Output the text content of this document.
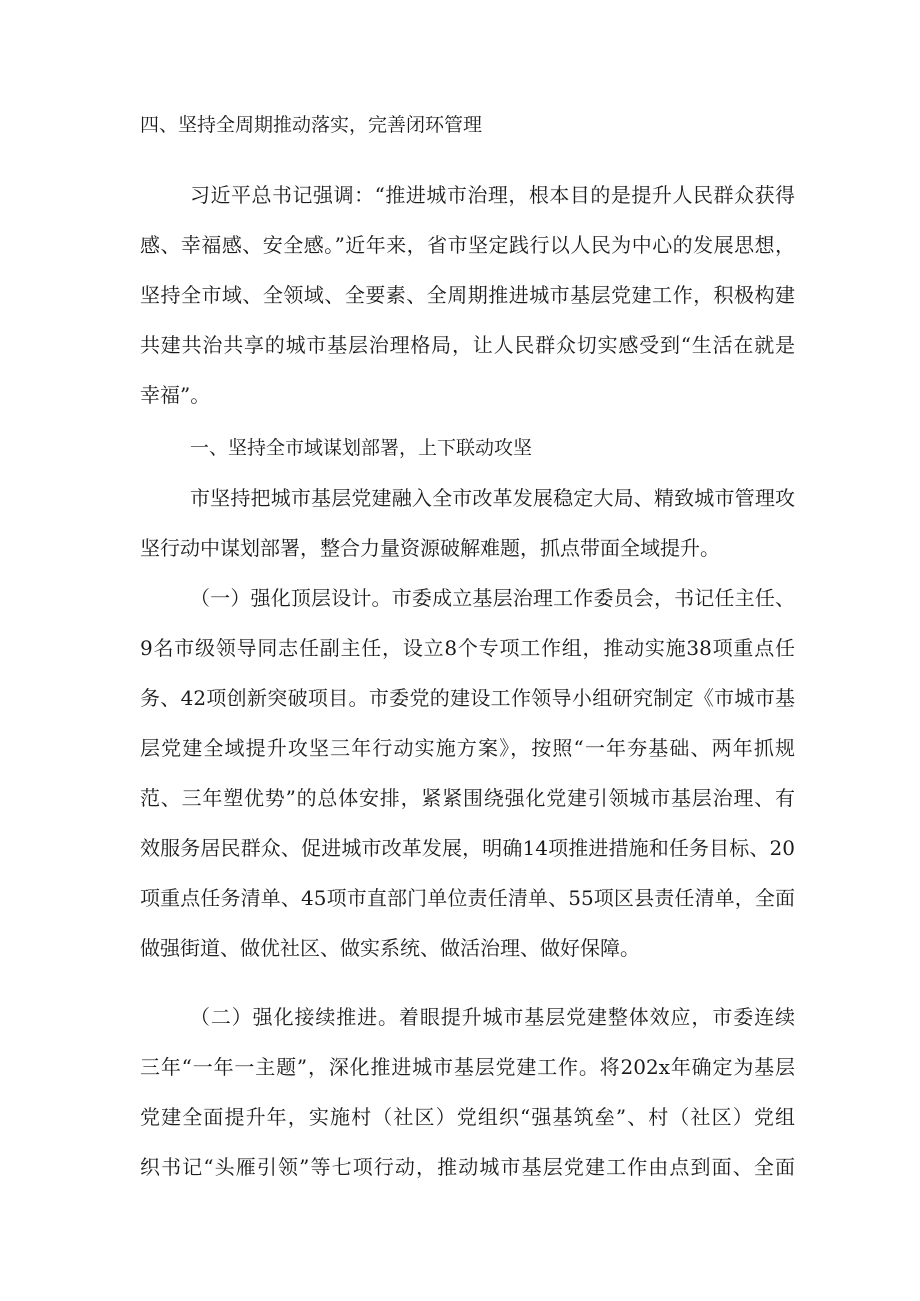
四、坚持全周期推动落实，完善闭环管理
习近平总书记强调：“推进城市治理，根本目的是提升人民群众获得
感、幸福感、安全感。”近年来，省市坚定践行以人民为中心的发展思想，
坚持全市域、全领域、全要素、全周期推进城市基层党建工作，积极构建
共建共治共享的城市基层治理格局，让人民群众切实感受到“生活在就是
幸福”。
一、坚持全市域谋划部署，上下联动攻坚
市坚持把城市基层党建融入全市改革发展稳定大局、精致城市管理攻
坚行动中谋划部署，整合力量资源破解难题，抓点带面全域提升。
（一）强化顶层设计。市委成立基层治理工作委员会，书记任主任、
9名市级领导同志任副主任，设立8个专项工作组，推动实施38项重点任
务、42项创新突破项目。市委党的建设工作领导小组研究制定《市城市基
层党建全域提升攻坚三年行动实施方案》，按照“一年夯基础、两年抓规
范、三年塑优势”的总体安排，紧紧围绕强化党建引领城市基层治理、有
效服务居民群众、促进城市改革发展，明确14项推进措施和任务目标、20
项重点任务清单、45项市直部门单位责任清单、55项区县责任清单，全面
做强街道、做优社区、做实系统、做活治理、做好保障。
（二）强化接续推进。着眼提升城市基层党建整体效应，市委连续
三年“一年一主题”，深化推进城市基层党建工作。将202x年确定为基层
党建全面提升年，实施村（社区）党组织“强基筑垒”、村（社区）党组
织书记“头雁引领”等七项行动，推动城市基层党建工作由点到面、全面
